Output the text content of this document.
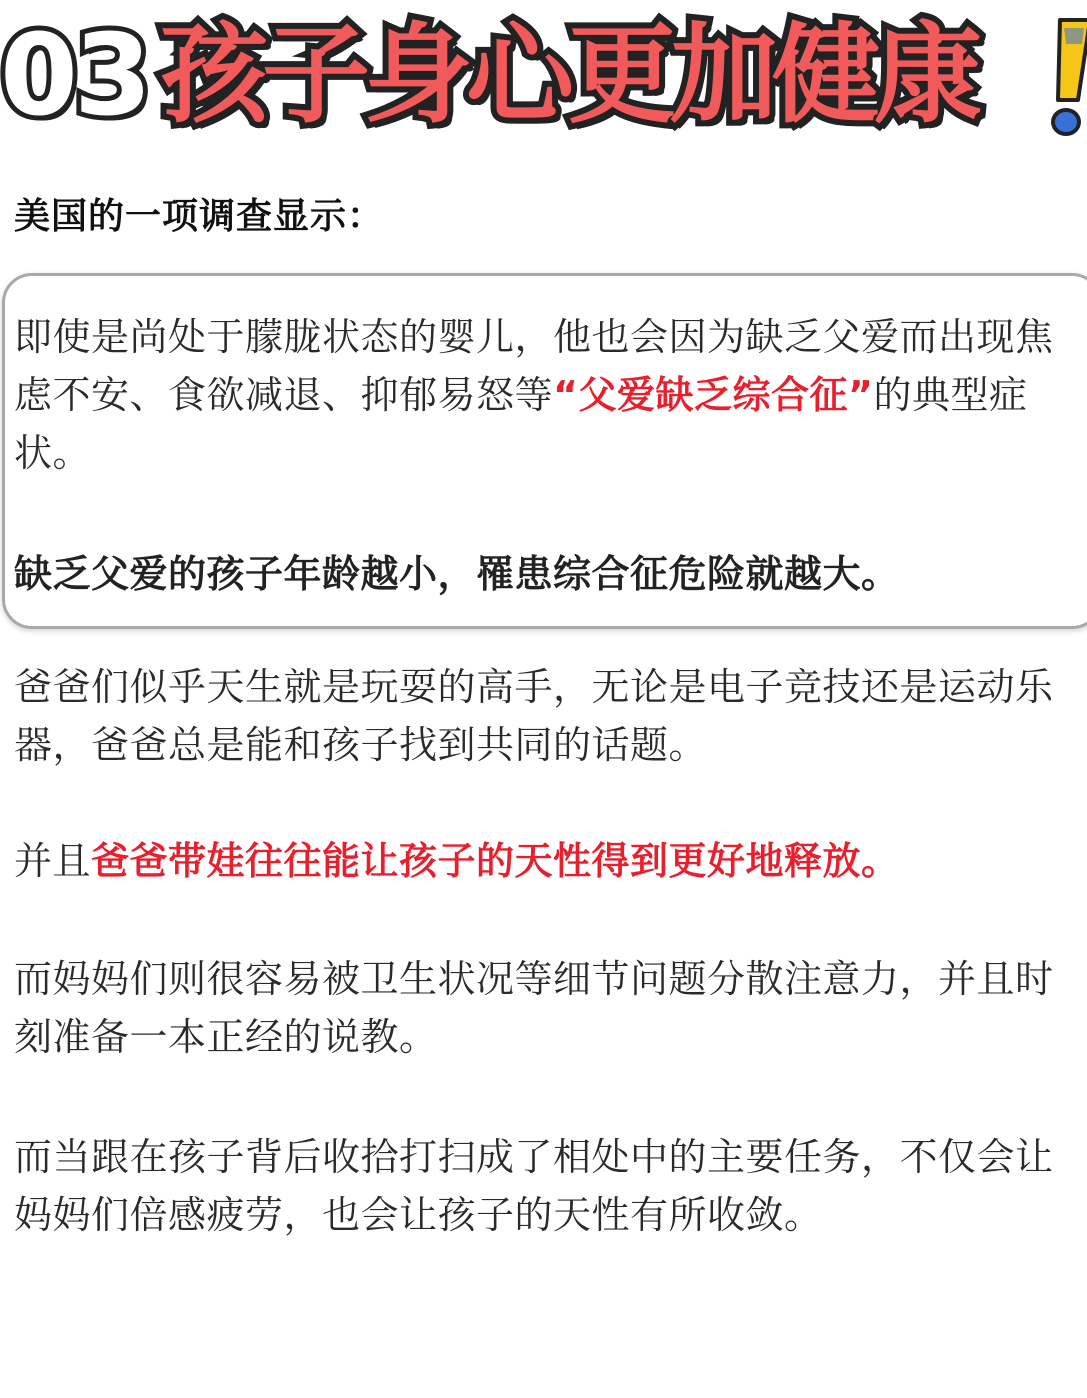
03 孩子身心更加健康
美国的一项调查显示：
即使是尚处于朦胧状态的婴儿，他也会因为缺乏父爱而出现焦虑不安、食欲减退、抑郁易怒等“父爱缺乏综合征”的典型症状。
缺乏父爱的孩子年龄越小，罹患综合征危险就越大。
爸爸们似乎天生就是玩耍的高手，无论是电子竞技还是运动乐器，爸爸总是能和孩子找到共同的话题。
并且爸爸带娃往往能让孩子的天性得到更好地释放。
而妈妈们则很容易被卫生状况等细节问题分散注意力，并且时刻准备一本正经的说教。
而当跟在孩子背后收拾打扫成了相处中的主要任务，不仅会让妈妈们倍感疲劳，也会让孩子的天性有所收敛。
